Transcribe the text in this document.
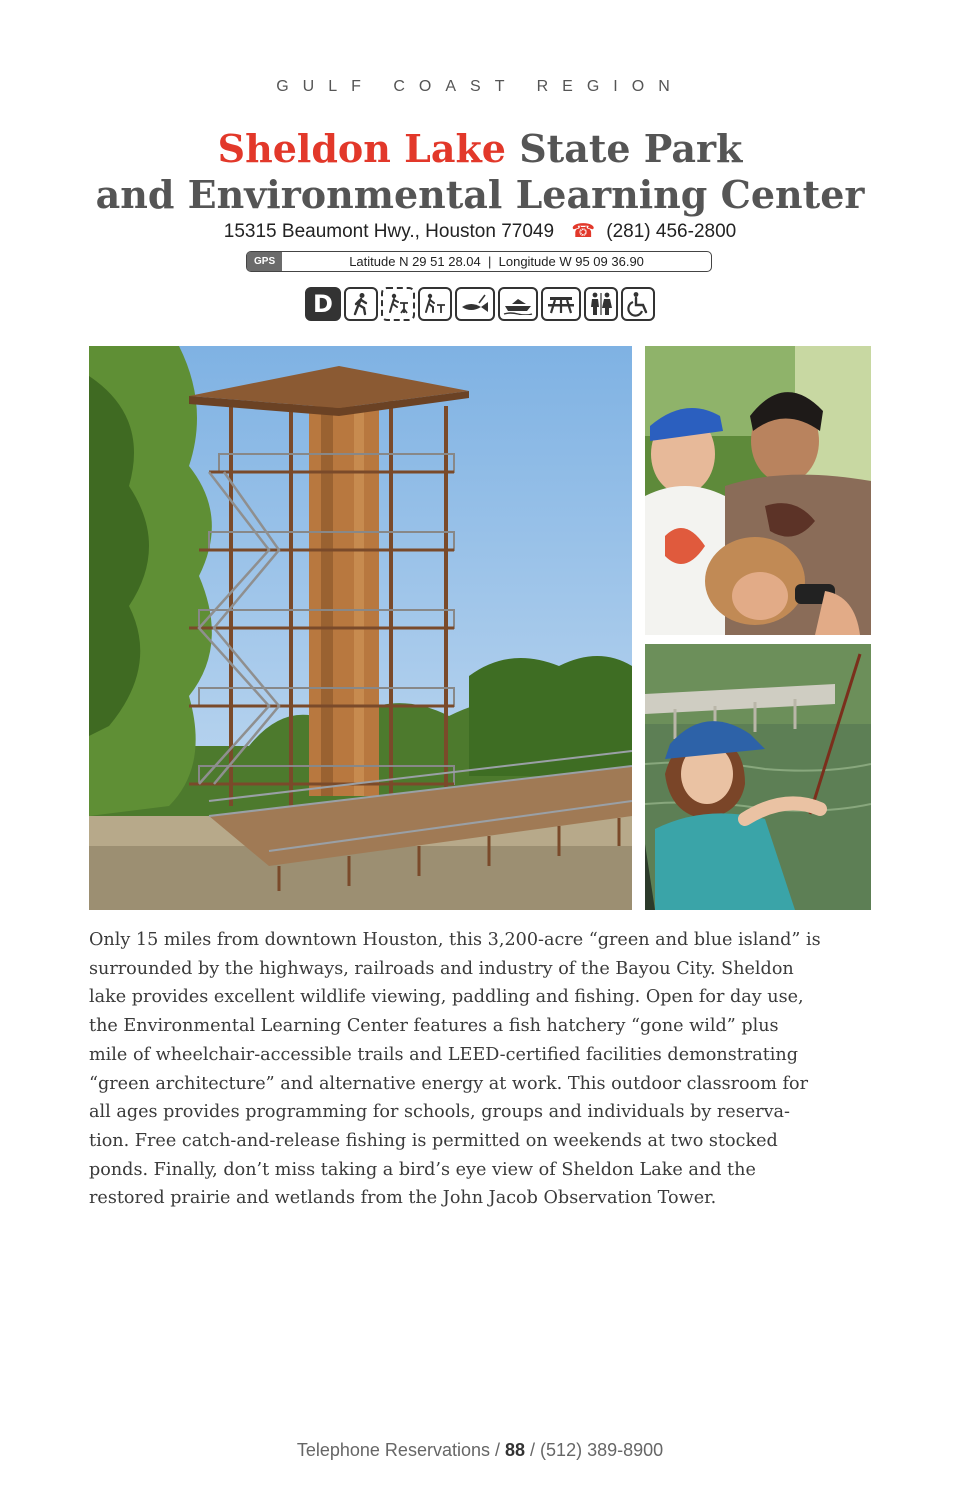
GULF COAST REGION
Sheldon Lake State Park
and Environmental Learning Center
15315 Beaumont Hwy., Houston 77049 ☎ (281) 456-2800
GPS	Latitude N 29 51 28.04 | Longitude W 95 09 36.90
D
Only 15 miles from downtown Houston, this 3,200-acre “green and blue island” is
surrounded by the highways, railroads and industry of the Bayou City. Sheldon
lake provides excellent wildlife viewing, paddling and fishing. Open for day use,
the Environmental Learning Center features a fish hatchery “gone wild” plus
mile of wheelchair-accessible trails and LEED-certified facilities demonstrating
“green architecture” and alternative energy at work. This outdoor classroom for
all ages provides programming for schools, groups and individuals by reserva-
tion. Free catch-and-release fishing is permitted on weekends at two stocked
ponds. Finally, don’t miss taking a bird’s eye view of Sheldon Lake and the
restored prairie and wetlands from the John Jacob Observation Tower.
Telephone Reservations / 88 / (512) 389-8900
